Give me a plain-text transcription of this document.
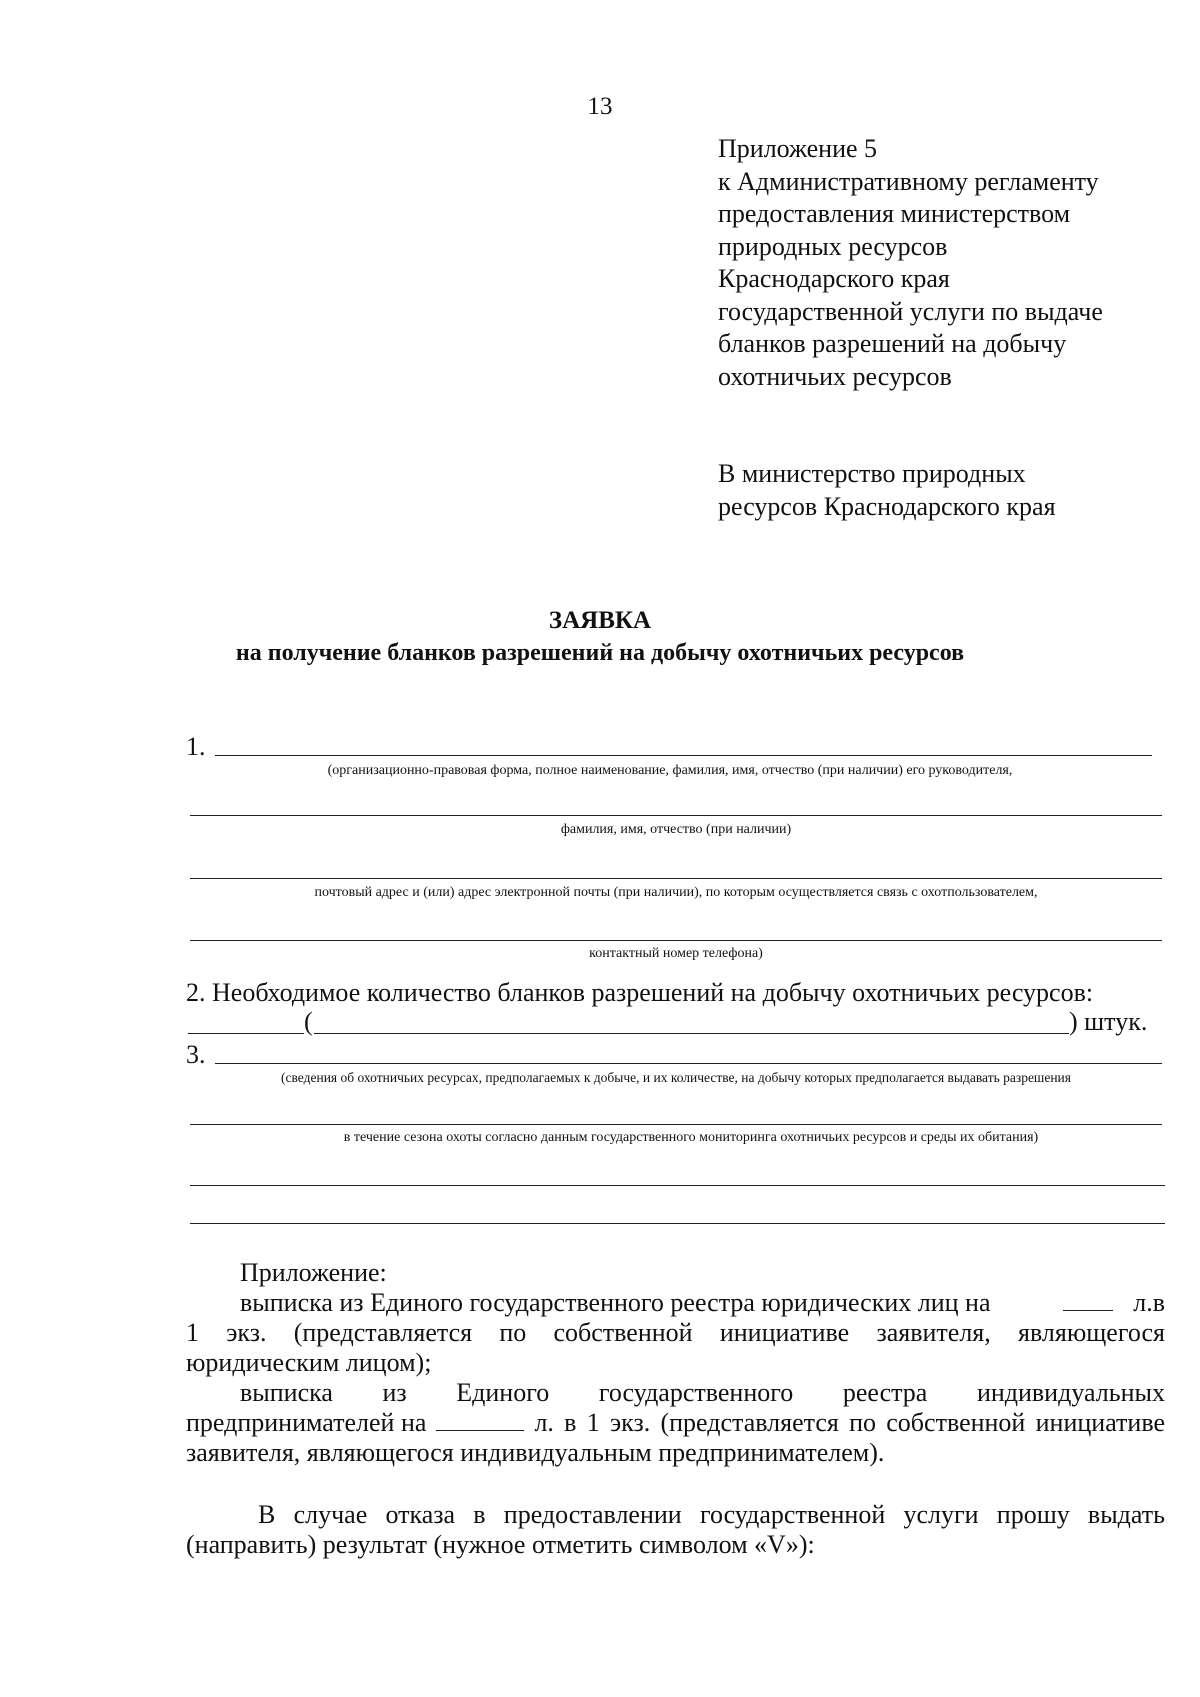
13
Приложение 5
к Административному регламенту
предоставления министерством
природных ресурсов
Краснодарского края
государственной услуги по выдаче
бланков разрешений на добычу
охотничьих ресурсов
В министерство природных
ресурсов Краснодарского края
ЗАЯВКА
на получение бланков разрешений на добычу охотничьих ресурсов
1.
(организационно-правовая форма, полное наименование, фамилия, имя, отчество (при наличии) его руководителя,
фамилия, имя, отчество (при наличии)
почтовый адрес и (или) адрес электронной почты (при наличии), по которым осуществляется связь с охотпользователем,
контактный номер телефона)
2. Необходимое количество бланков разрешений на добычу охотничьих ресурсов:
(	) штук.
3.
(сведения об охотничьих ресурсах, предполагаемых к добыче, и их количестве, на добычу которых предполагается выдавать разрешения
в течение сезона охоты согласно данным государственного мониторинга охотничьих ресурсов и среды их обитания)
Приложение:
выписка из Единого государственного реестра юридических лиц на	л.в
1 экз. (представляется по собственной инициативе заявителя, являющегося
юридическим лицом);
выписка из Единого государственного реестра индивидуальных
предпринимателей на	л. в 1 экз. (представляется по собственной инициативе
заявителя, являющегося индивидуальным предпринимателем).
В случае отказа в предоставлении государственной услуги прошу выдать
(направить) результат (нужное отметить символом «V»):
